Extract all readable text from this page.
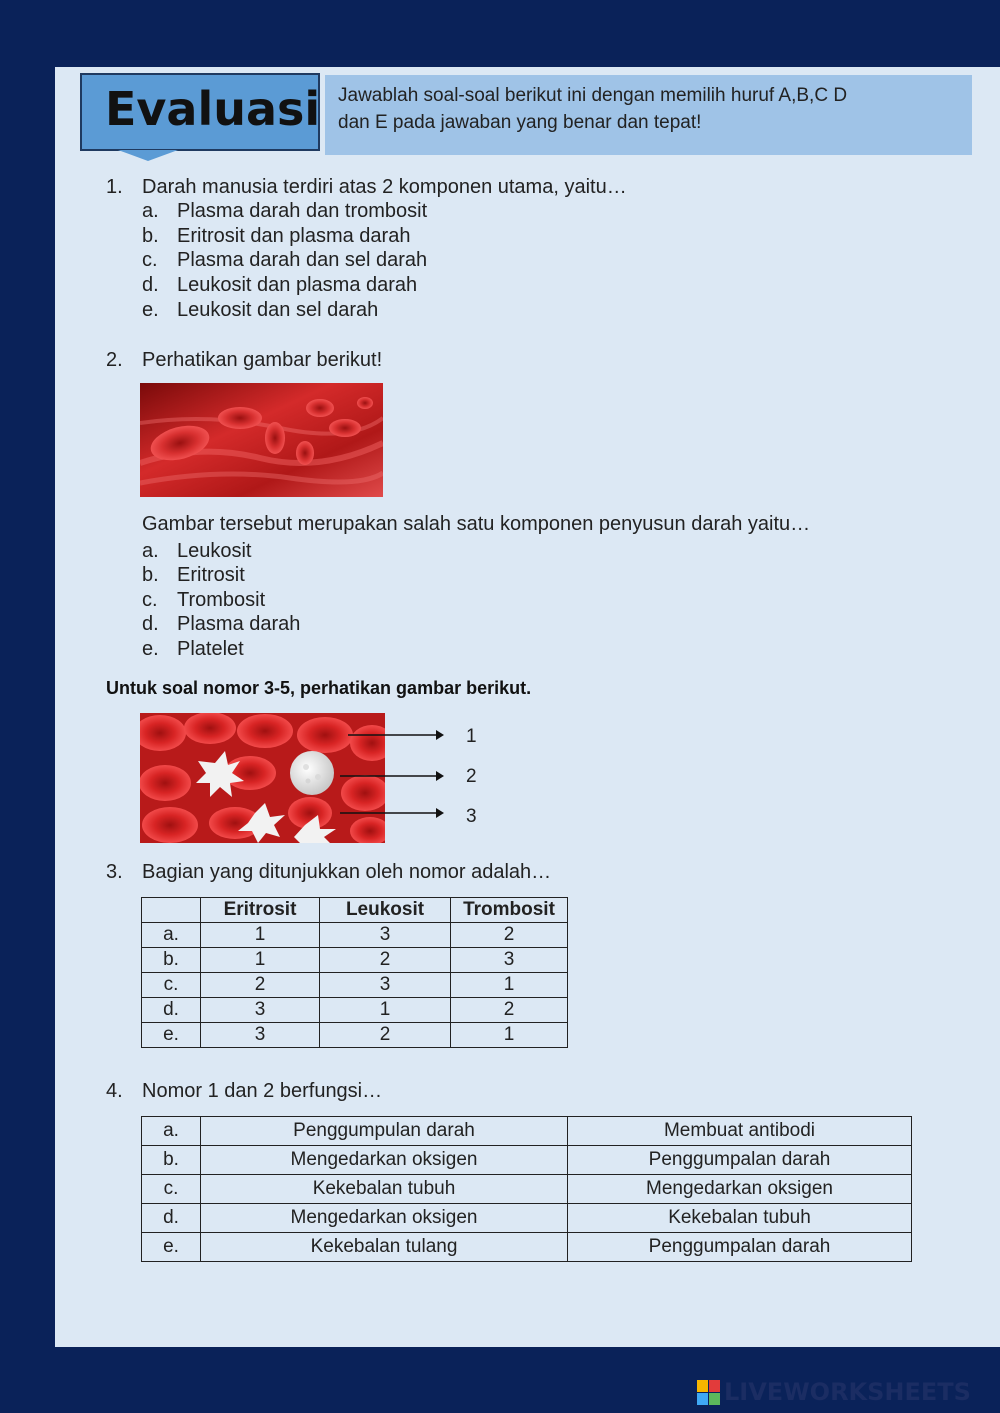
Evaluasi Jawablah soal-soal berikut ini dengan memilih huruf A,B,C D
dan E pada jawaban yang benar dan tepat!
1. Darah manusia terdiri atas 2 komponen utama, yaitu…
a. Plasma darah dan trombosit
b. Eritrosit dan plasma darah
c. Plasma darah dan sel darah
d. Leukosit dan plasma darah
e. Leukosit dan sel darah
2. Perhatikan gambar berikut!
Gambar tersebut merupakan salah satu komponen penyusun darah yaitu…
a. Leukosit
b. Eritrosit
c. Trombosit
d. Plasma darah
e. Platelet
Untuk soal nomor 3-5, perhatikan gambar berikut.
1
2
3
3. Bagian yang ditunjukkan oleh nomor adalah…
	Eritrosit	Leukosit	Trombosit
a.	1	3	2
b.	1	2	3
c.	2	3	1
d.	3	1	2
e.	3	2	1
4. Nomor 1 dan 2 berfungsi…
a.	Penggumpulan darah	Membuat antibodi
b.	Mengedarkan oksigen	Penggumpalan darah
c.	Kekebalan tubuh	Mengedarkan oksigen
d.	Mengedarkan oksigen	Kekebalan tubuh
e.	Kekebalan tulang	Penggumpalan darah
LIVEWORKSHEETS
